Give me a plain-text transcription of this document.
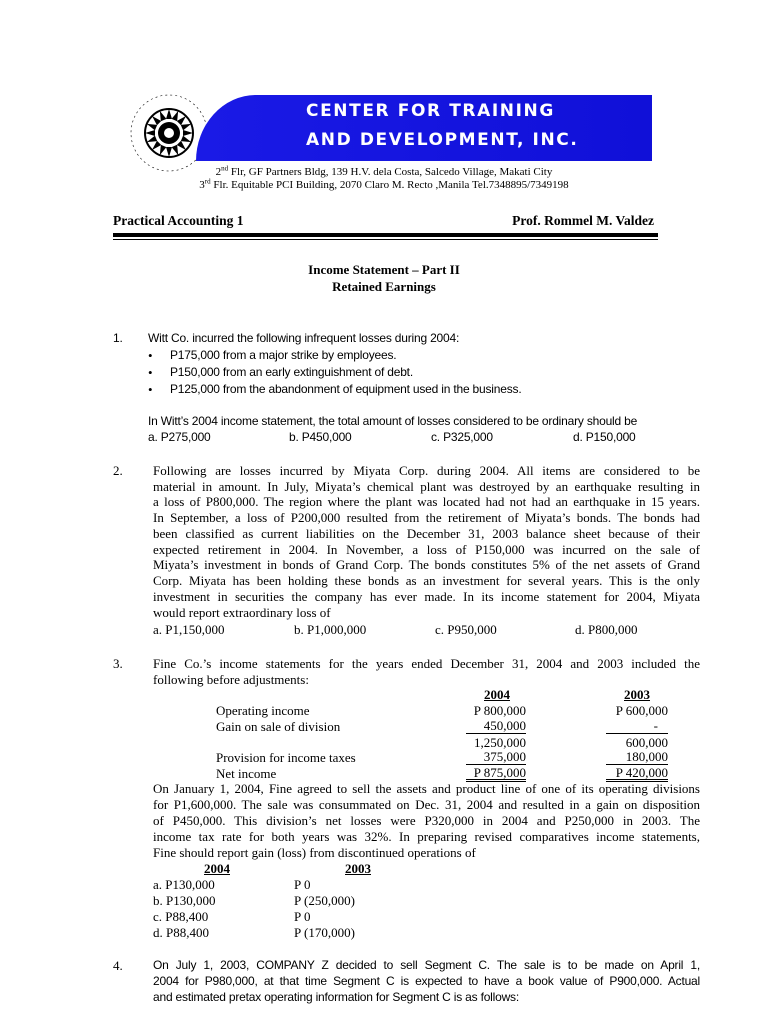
CENTER FOR TRAINING
AND DEVELOPMENT, INC.
2nd Flr, GF Partners Bldg, 139 H.V. dela Costa, Salcedo Village, Makati City
3rd Flr. Equitable PCI Building, 2070 Claro M. Recto ,Manila Tel.7348895/7349198
Practical Accounting 1	Prof. Rommel M. Valdez
Income Statement – Part II
Retained Earnings
1. Witt Co. incurred the following infrequent losses during 2004:
• P175,000 from a major strike by employees.
• P150,000 from an early extinguishment of debt.
• P125,000 from the abandonment of equipment used in the business.
In Witt’s 2004 income statement, the total amount of losses considered to be ordinary should be
a. P275,000	b. P450,000	c. P325,000	d. P150,000
2. Following are losses incurred by Miyata Corp. during 2004. All items are considered to be
material in amount. In July, Miyata’s chemical plant was destroyed by an earthquake resulting in
a loss of P800,000. The region where the plant was located had not had an earthquake in 15 years.
In September, a loss of P200,000 resulted from the retirement of Miyata’s bonds. The bonds had
been classified as current liabilities on the December 31, 2003 balance sheet because of their
expected retirement in 2004. In November, a loss of P150,000 was incurred on the sale of
Miyata’s investment in bonds of Grand Corp. The bonds constitutes 5% of the net assets of Grand
Corp. Miyata has been holding these bonds as an investment for several years. This is the only
investment in securities the company has ever made. In its income statement for 2004, Miyata
would report extraordinary loss of
a. P1,150,000	b. P1,000,000	c. P950,000	d. P800,000
3. Fine Co.’s income statements for the years ended December 31, 2004 and 2003 included the
following before adjustments:
2004	2003
Operating income	P 800,000	P 600,000
Gain on sale of division	450,000	-
1,250,000	600,000
Provision for income taxes	375,000	180,000
Net income	P 875,000	P 420,000
On January 1, 2004, Fine agreed to sell the assets and product line of one of its operating divisions
for P1,600,000. The sale was consummated on Dec. 31, 2004 and resulted in a gain on disposition
of P450,000. This division’s net losses were P320,000 in 2004 and P250,000 in 2003. The
income tax rate for both years was 32%. In preparing revised comparatives income statements,
Fine should report gain (loss) from discontinued operations of
2004	2003
a. P130,000	P 0
b. P130,000	P (250,000)
c. P88,400	P 0
d. P88,400	P (170,000)
4.	On July 1, 2003, COMPANY Z decided to sell Segment C. The sale is to be made on April 1,
2004 for P980,000, at that time Segment C is expected to have a book value of P900,000. Actual
and estimated pretax operating information for Segment C is as follows:
